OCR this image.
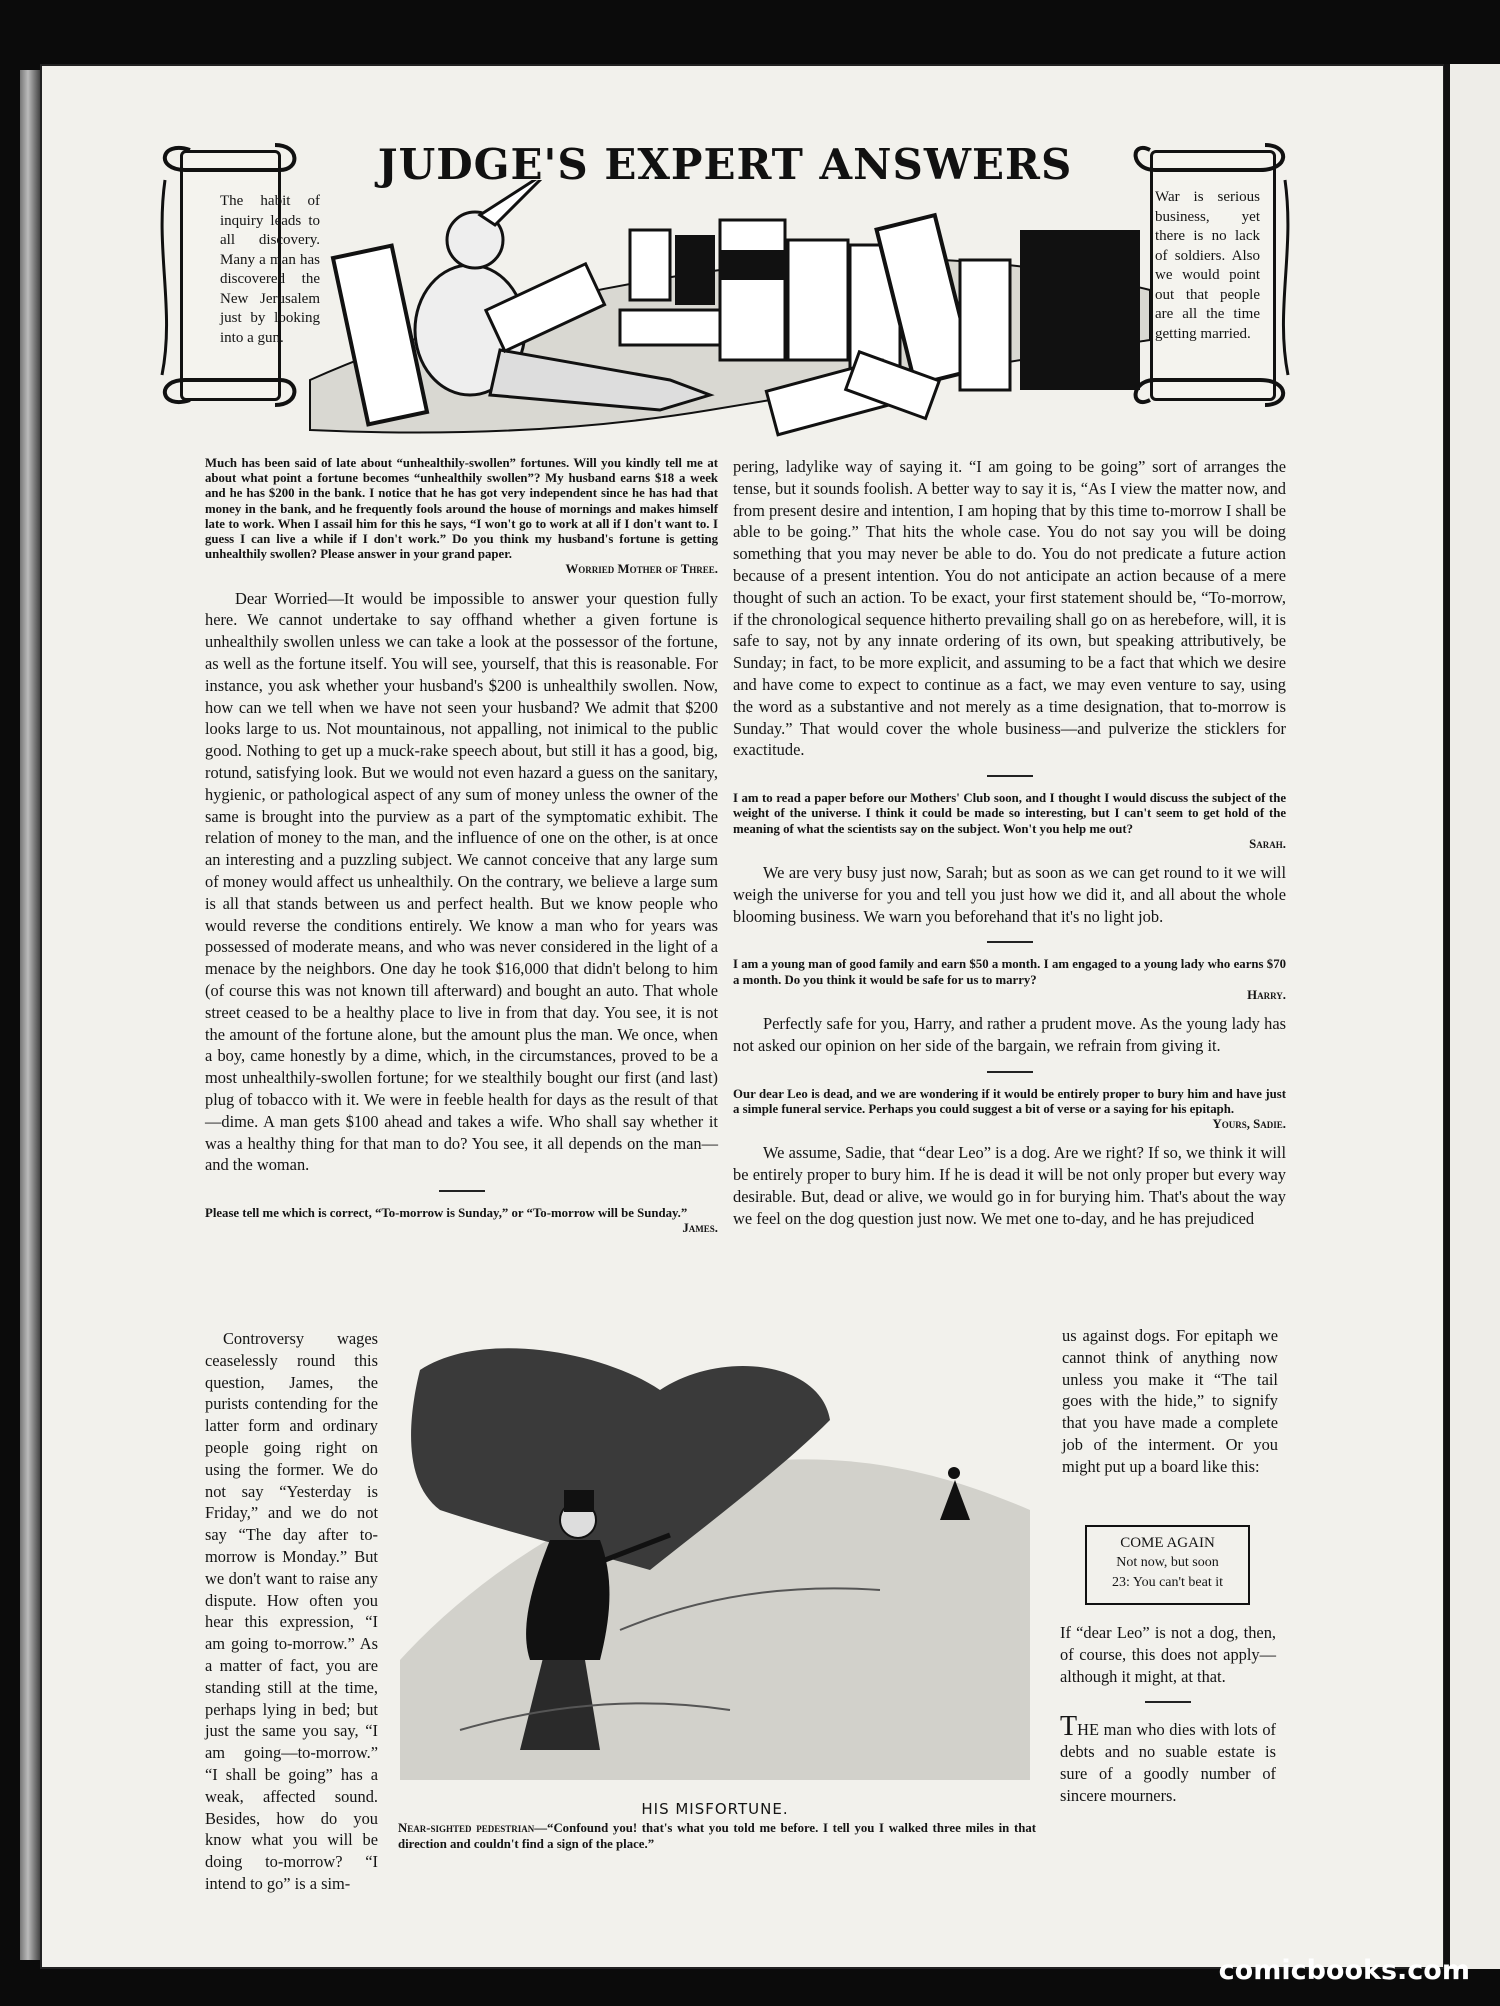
The habit of inquiry leads to all discovery. Many a man has discovered the New Jerusalem just by looking into a gun.
War is serious business, yet there is no lack of soldiers. Also we would point out that people are all the time getting married.
JUDGE'S EXPERT ANSWERS

Much has been said of late about “unhealthily-swollen” fortunes. Will you kindly tell me at about what point a fortune becomes “unhealthily swollen”? My husband earns $18 a week and he has $200 in the bank. I notice that he has got very independent since he has had that money in the bank, and he frequently fools around the house of mornings and makes himself late to work. When I assail him for this he says, “I won't go to work at all if I don't want to. I guess I can live a while if I don't work.” Do you think my husband's fortune is getting unhealthily swollen? Please answer in your grand paper.
Worried Mother of Three.

Dear Worried—It would be impossible to answer your question fully here. We cannot undertake to say offhand whether a given fortune is unhealthily swollen unless we can take a look at the possessor of the fortune, as well as the fortune itself. You will see, yourself, that this is reasonable. For instance, you ask whether your husband's $200 is unhealthily swollen. Now, how can we tell when we have not seen your husband? We admit that $200 looks large to us. Not mountainous, not appalling, not inimical to the public good. Nothing to get up a muck-rake speech about, but still it has a good, big, rotund, satisfying look. But we would not even hazard a guess on the sanitary, hygienic, or pathological aspect of any sum of money unless the owner of the same is brought into the purview as a part of the symptomatic exhibit. The relation of money to the man, and the influence of one on the other, is at once an interesting and a puzzling subject. We cannot conceive that any large sum of money would affect us unhealthily. On the contrary, we believe a large sum is all that stands between us and perfect health. But we know people who would reverse the conditions entirely. We know a man who for years was possessed of moderate means, and who was never considered in the light of a menace by the neighbors. One day he took $16,000 that didn't belong to him (of course this was not known till afterward) and bought an auto. That whole street ceased to be a healthy place to live in from that day. You see, it is not the amount of the fortune alone, but the amount plus the man. We once, when a boy, came honestly by a dime, which, in the circumstances, proved to be a most unhealthily-swollen fortune; for we stealthily bought our first (and last) plug of tobacco with it. We were in feeble health for days as the result of that—dime. A man gets $100 ahead and takes a wife. Who shall say whether it was a healthy thing for that man to do? You see, it all depends on the man—and the woman.

Please tell me which is correct, “To-morrow is Sunday,” or “To-morrow will be Sunday.”
James.

Controversy wages ceaselessly round this question, James, the purists contending for the latter form and ordinary people going right on using the former. We do not say “Yesterday is Friday,” and we do not say “The day after to-morrow is Monday.” But we don't want to raise any dispute. How often you hear this expression, “I am going to-morrow.” As a matter of fact, you are standing still at the time, perhaps lying in bed; but just the same you say, “I am going—to-morrow.” “I shall be going” has a weak, affected sound. Besides, how do you know what you will be doing to-morrow? “I intend to go” is a sim-

pering, ladylike way of saying it. “I am going to be going” sort of arranges the tense, but it sounds foolish. A better way to say it is, “As I view the matter now, and from present desire and intention, I am hoping that by this time to-morrow I shall be able to be going.” That hits the whole case. You do not say you will be doing something that you may never be able to do. You do not predicate a future action because of a present intention. You do not anticipate an action because of a mere thought of such an action. To be exact, your first statement should be, “To-morrow, if the chronological sequence hitherto prevailing shall go on as herebefore, will, it is safe to say, not by any innate ordering of its own, but speaking attributively, be Sunday; in fact, to be more explicit, and assuming to be a fact that which we desire and have come to expect to continue as a fact, we may even venture to say, using the word as a substantive and not merely as a time designation, that to-morrow is Sunday.” That would cover the whole business—and pulverize the sticklers for exactitude.

I am to read a paper before our Mothers' Club soon, and I thought I would discuss the subject of the weight of the universe. I think it could be made so interesting, but I can't seem to get hold of the meaning of what the scientists say on the subject. Won't you help me out?
Sarah.

We are very busy just now, Sarah; but as soon as we can get round to it we will weigh the universe for you and tell you just how we did it, and all about the whole blooming business. We warn you beforehand that it's no light job.

I am a young man of good family and earn $50 a month. I am engaged to a young lady who earns $70 a month. Do you think it would be safe for us to marry?
Harry.

Perfectly safe for you, Harry, and rather a prudent move. As the young lady has not asked our opinion on her side of the bargain, we refrain from giving it.

Our dear Leo is dead, and we are wondering if it would be entirely proper to bury him and have just a simple funeral service. Perhaps you could suggest a bit of verse or a saying for his epitaph.
Yours, Sadie.

We assume, Sadie, that “dear Leo” is a dog. Are we right? If so, we think it will be entirely proper to bury him. If he is dead it will be not only proper but every way desirable. But, dead or alive, we would go in for burying him. That's about the way we feel on the dog question just now. We met one to-day, and he has prejudiced

us against dogs. For epitaph we cannot think of anything now unless you make it “The tail goes with the hide,” to signify that you have made a complete job of the interment. Or you might put up a board like this:

COME AGAIN
Not now, but soon
23: You can't beat it

If “dear Leo” is not a dog, then, of course, this does not apply—although it might, at that.

THE man who dies with lots of debts and no suable estate is sure of a goodly number of sincere mourners.

HIS MISFORTUNE.
Near-sighted pedestrian—“Confound you! that's what you told me before. I tell you I walked three miles in that direction and couldn't find a sign of the place.”
comicbooks.com
